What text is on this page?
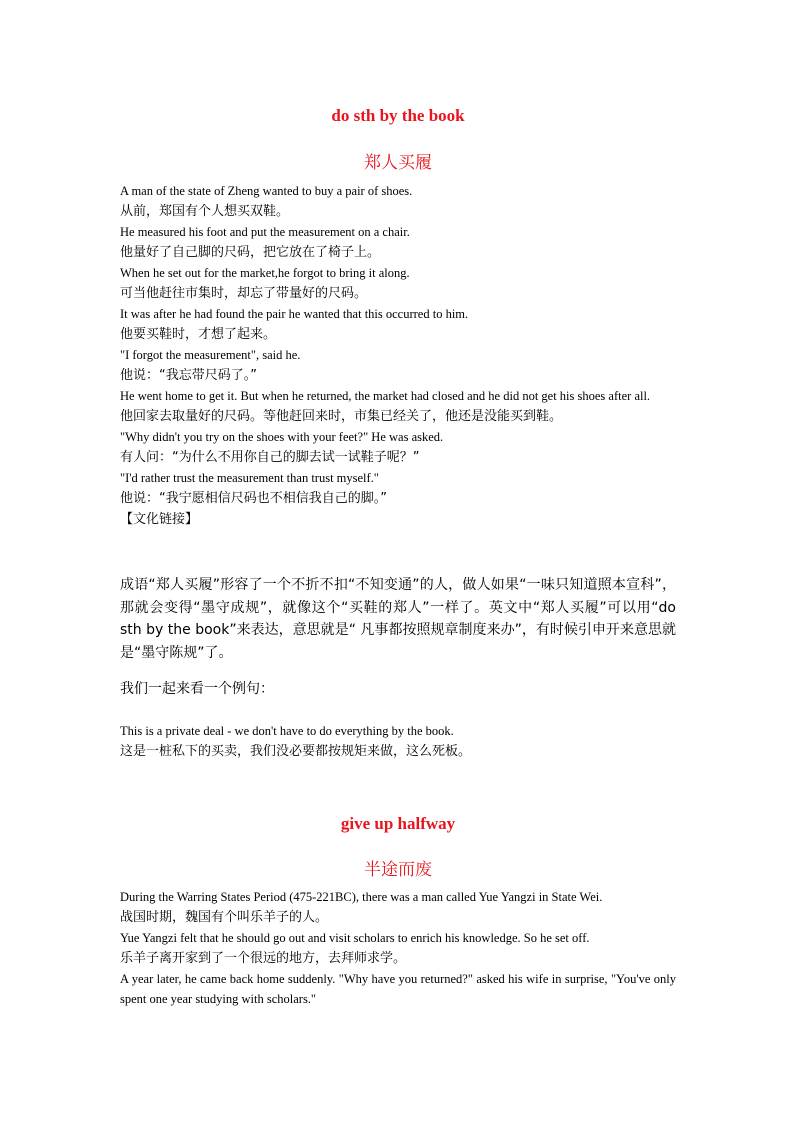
do sth by the book
郑人买履
A man of the state of Zheng wanted to buy a pair of shoes.
从前，郑国有个人想买双鞋。
He measured his foot and put the measurement on a chair.
他量好了自己脚的尺码，把它放在了椅子上。
When he set out for the market,he forgot to bring it along.
可当他赶往市集时，却忘了带量好的尺码。
It was after he had found the pair he wanted that this occurred to him.
他要买鞋时，才想了起来。
"I forgot the measurement", said he.
他说：“我忘带尺码了。”
He went home to get it. But when he returned, the market had closed and he did not get his shoes after all.
他回家去取量好的尺码。等他赶回来时，市集已经关了，他还是没能买到鞋。
"Why didn't you try on the shoes with your feet?" He was asked.
有人问：“为什么不用你自己的脚去试一试鞋子呢？”
"I'd rather trust the measurement than trust myself."
他说：“我宁愿相信尺码也不相信我自己的脚。”
【文化链接】
成语“郑人买履”形容了一个不折不扣“不知变通”的人，做人如果“一味只知道照本宣科”，那就会变得“墨守成规”，就像这个“买鞋的郑人”一样了。英文中“郑人买履”可以用“do sth by the book”来表达，意思就是“ 凡事都按照规章制度来办”，有时候引申开来意思就是“墨守陈规”了。
我们一起来看一个例句：
This is a private deal - we don't have to do everything by the book.
这是一桩私下的买卖，我们没必要都按规矩来做，这么死板。
give up halfway
半途而废
During the Warring States Period (475-221BC), there was a man called Yue Yangzi in State Wei.
战国时期，魏国有个叫乐羊子的人。
Yue Yangzi felt that he should go out and visit scholars to enrich his knowledge. So he set off.
乐羊子离开家到了一个很远的地方，去拜师求学。
A year later, he came back home suddenly. "Why have you returned?" asked his wife in surprise, "You've only spent one year studying with scholars."
